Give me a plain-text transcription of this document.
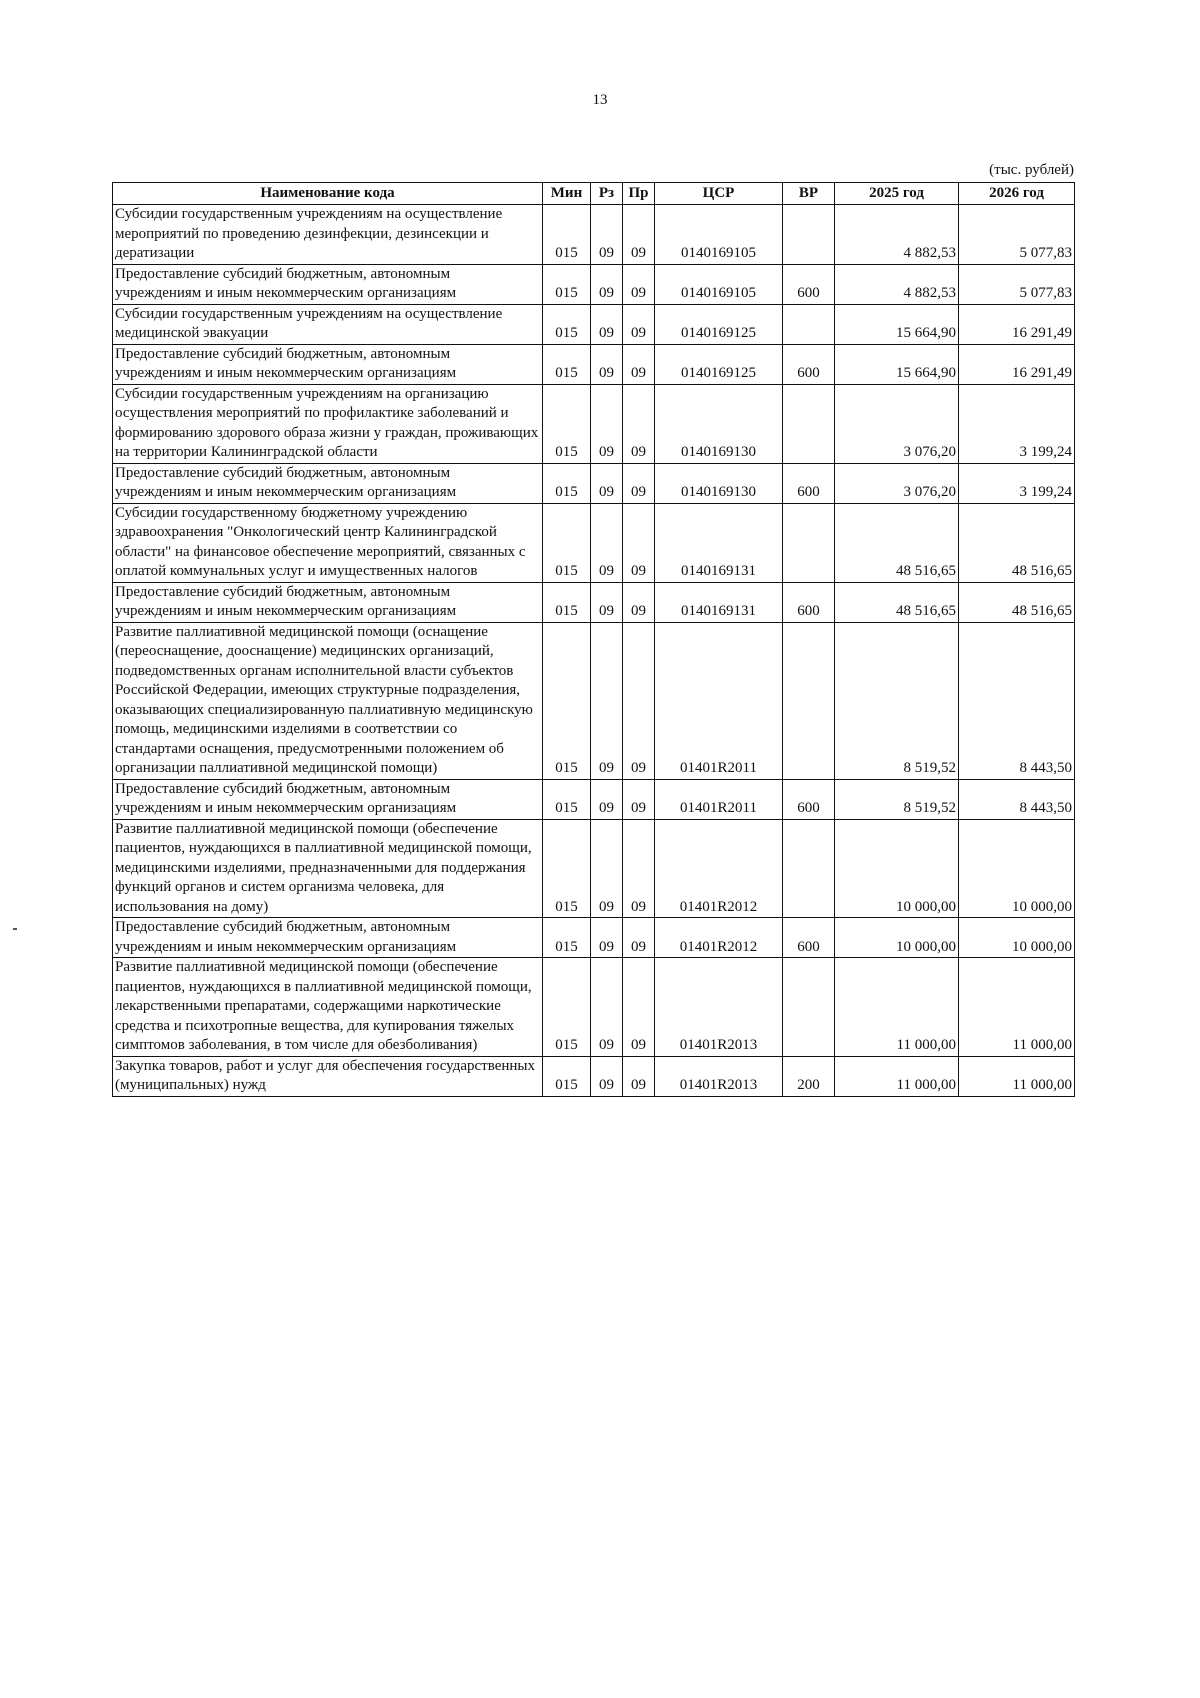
13
(тыс. рублей)
Наименование кода	Мин	Рз	Пр	ЦСР	ВР	2025 год	2026 год
Субсидии государственным учреждениям на осуществление мероприятий по проведению дезинфекции, дезинсекции и дератизации	015	09	09	0140169105		4 882,53	5 077,83
Предоставление субсидий бюджетным, автономным учреждениям и иным некоммерческим организациям	015	09	09	0140169105	600	4 882,53	5 077,83
Субсидии государственным учреждениям на осуществление медицинской эвакуации	015	09	09	0140169125		15 664,90	16 291,49
Предоставление субсидий бюджетным, автономным учреждениям и иным некоммерческим организациям	015	09	09	0140169125	600	15 664,90	16 291,49
Субсидии государственным учреждениям на организацию осуществления мероприятий по профилактике заболеваний и формированию здорового образа жизни у граждан, проживающих на территории Калининградской области	015	09	09	0140169130		3 076,20	3 199,24
Предоставление субсидий бюджетным, автономным учреждениям и иным некоммерческим организациям	015	09	09	0140169130	600	3 076,20	3 199,24
Субсидии государственному бюджетному учреждению здравоохранения "Онкологический центр Калининградской области" на финансовое обеспечение мероприятий, связанных с оплатой коммунальных услуг и имущественных налогов	015	09	09	0140169131		48 516,65	48 516,65
Предоставление субсидий бюджетным, автономным учреждениям и иным некоммерческим организациям	015	09	09	0140169131	600	48 516,65	48 516,65
Развитие паллиативной медицинской помощи (оснащение (переоснащение, дооснащение) медицинских организаций, подведомственных органам исполнительной власти субъектов Российской Федерации, имеющих структурные подразделения, оказывающих специализированную паллиативную медицинскую помощь, медицинскими изделиями в соответствии со стандартами оснащения, предусмотренными положением об организации паллиативной медицинской помощи)	015	09	09	01401R2011		8 519,52	8 443,50
Предоставление субсидий бюджетным, автономным учреждениям и иным некоммерческим организациям	015	09	09	01401R2011	600	8 519,52	8 443,50
Развитие паллиативной медицинской помощи (обеспечение пациентов, нуждающихся в паллиативной медицинской помощи, медицинскими изделиями, предназначенными для поддержания функций органов и систем организма человека, для использования на дому)	015	09	09	01401R2012		10 000,00	10 000,00
Предоставление субсидий бюджетным, автономным учреждениям и иным некоммерческим организациям	015	09	09	01401R2012	600	10 000,00	10 000,00
Развитие паллиативной медицинской помощи (обеспечение пациентов, нуждающихся в паллиативной медицинской помощи, лекарственными препаратами, содержащими наркотические средства и психотропные вещества, для купирования тяжелых симптомов заболевания, в том числе для обезболивания)	015	09	09	01401R2013		11 000,00	11 000,00
Закупка товаров, работ и услуг для обеспечения государственных (муниципальных) нужд	015	09	09	01401R2013	200	11 000,00	11 000,00
